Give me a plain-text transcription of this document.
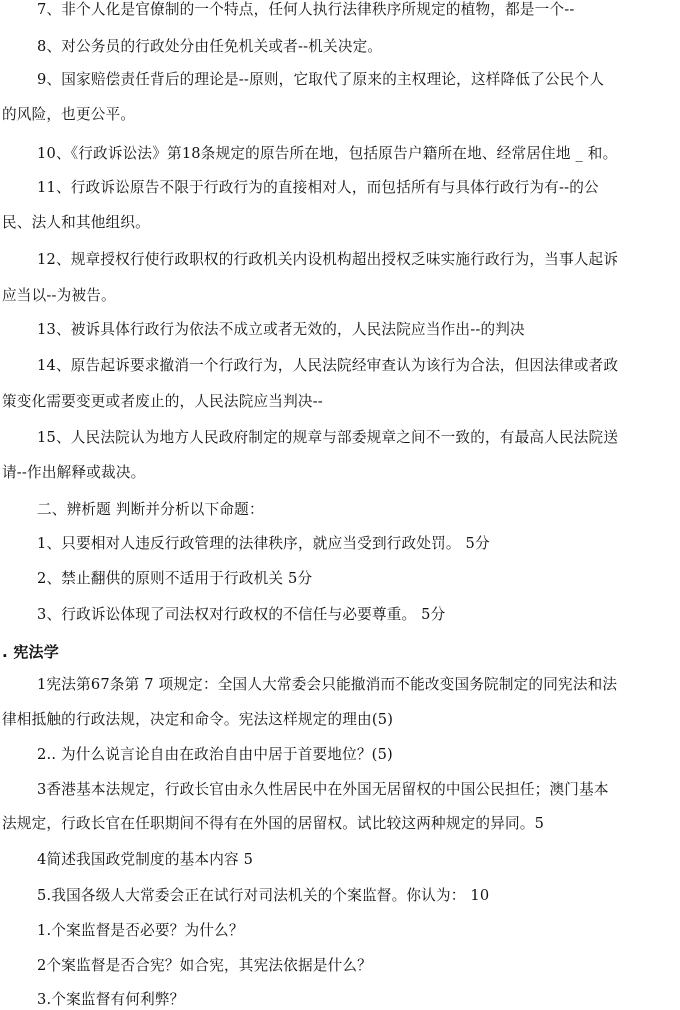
7、非个人化是官僚制的一个特点，任何人执行法律秩序所规定的植物，都是一个--
8、对公务员的行政处分由任免机关或者--机关决定。
9、国家赔偿责任背后的理论是--原则，它取代了原来的主权理论，这样降低了公民个人
的风险，也更公平。
10、《行政诉讼法》第18条规定的原告所在地，包括原告户籍所在地、经常居住地 _ 和。
11、行政诉讼原告不限于行政行为的直接相对人，而包括所有与具体行政行为有--的公
民、法人和其他组织。
12、规章授权行使行政职权的行政机关内设机构超出授权乏味实施行政行为，当事人起诉
应当以--为被告。
13、被诉具体行政行为依法不成立或者无效的，人民法院应当作出--的判决
14、原告起诉要求撤消一个行政行为，人民法院经审查认为该行为合法，但因法律或者政
策变化需要变更或者废止的，人民法院应当判决--
15、人民法院认为地方人民政府制定的规章与部委规章之间不一致的，有最高人民法院送
请--作出解释或裁决。
二、辨析题 判断并分析以下命题：
1、只要相对人违反行政管理的法律秩序，就应当受到行政处罚。 5分
2、禁止翻供的原则不适用于行政机关 5分
3、行政诉讼体现了司法权对行政权的不信任与必要尊重。 5分
. 宪法学
1宪法第67条第 7 项规定：全国人大常委会只能撤消而不能改变国务院制定的同宪法和法
律相抵触的行政法规，决定和命令。宪法这样规定的理由(5)
2.. 为什么说言论自由在政治自由中居于首要地位？(5)
3香港基本法规定，行政长官由永久性居民中在外国无居留权的中国公民担任；澳门基本
法规定，行政长官在任职期间不得有在外国的居留权。试比较这两种规定的异同。5
4简述我国政党制度的基本内容 5
5.我国各级人大常委会正在试行对司法机关的个案监督。你认为： 10
1.个案监督是否必要？为什么？
2个案监督是否合宪？如合宪，其宪法依据是什么？
3.个案监督有何利弊？
